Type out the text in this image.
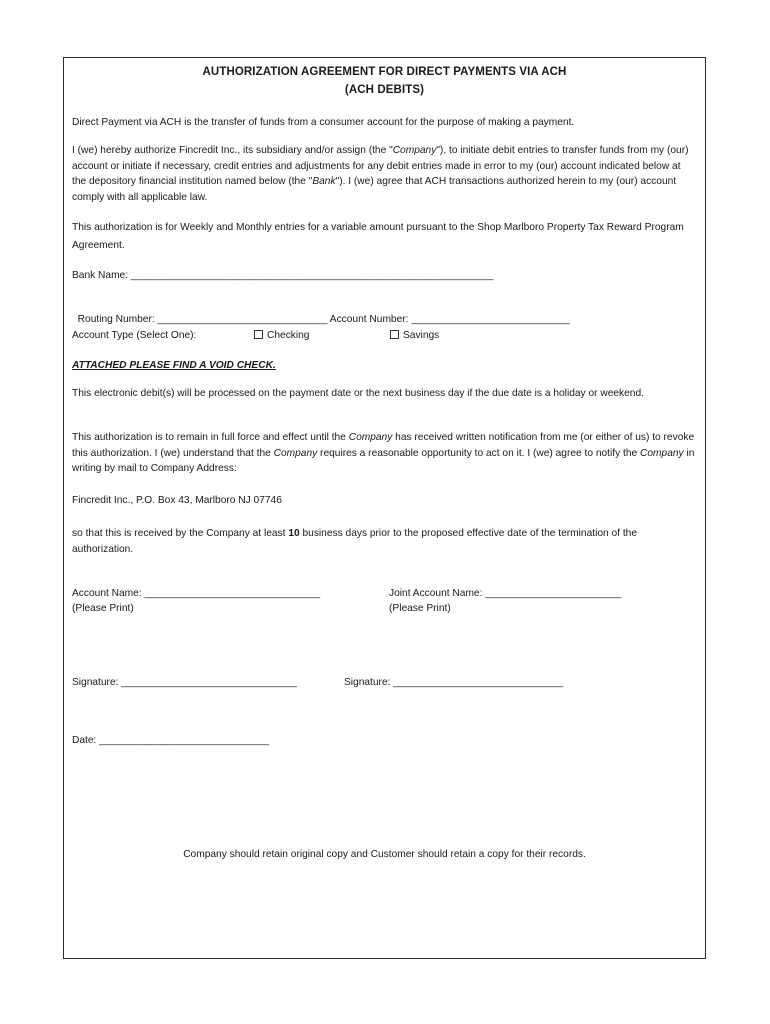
AUTHORIZATION AGREEMENT FOR DIRECT PAYMENTS VIA ACH
(ACH DEBITS)
Direct Payment via ACH is the transfer of funds from a consumer account for the purpose of making a payment.
I (we) hereby authorize Fincredit Inc., its subsidiary and/or assign (the "Company"), to initiate debit entries to transfer funds from my (our) account or initiate if necessary, credit entries and adjustments for any debit entries made in error to my (our) account indicated below at the depository financial institution named below (the "Bank"). I (we) agree that ACH transactions authorized herein to my (our) account comply with all applicable law.
This authorization is for Weekly and Monthly entries for a variable amount pursuant to the Shop Marlboro Property Tax Reward Program Agreement.
Bank Name: ________________________________________________________________

Routing Number: ______________________________ Account Number: ____________________________

Account Type (Select One):	Checking	Savings
ATTACHED PLEASE FIND A VOID CHECK.
This electronic debit(s) will be processed on the payment date or the next business day if the due date is a holiday or weekend.
This authorization is to remain in full force and effect until the Company has received written notification from me (or either of us) to revoke this authorization. I (we) understand that the Company requires a reasonable opportunity to act on it. I (we) agree to notify the Company in writing by mail to Company Address:
Fincredit Inc., P.O. Box 43, Marlboro NJ 07746
so that this is received by the Company at least 10 business days prior to the proposed effective date of the termination of the authorization.
Account Name: _______________________________
(Please Print)
Joint Account Name: ________________________
(Please Print)
Signature: _______________________________	Signature: ______________________________
Date: ______________________________
Company should retain original copy and Customer should retain a copy for their records.
